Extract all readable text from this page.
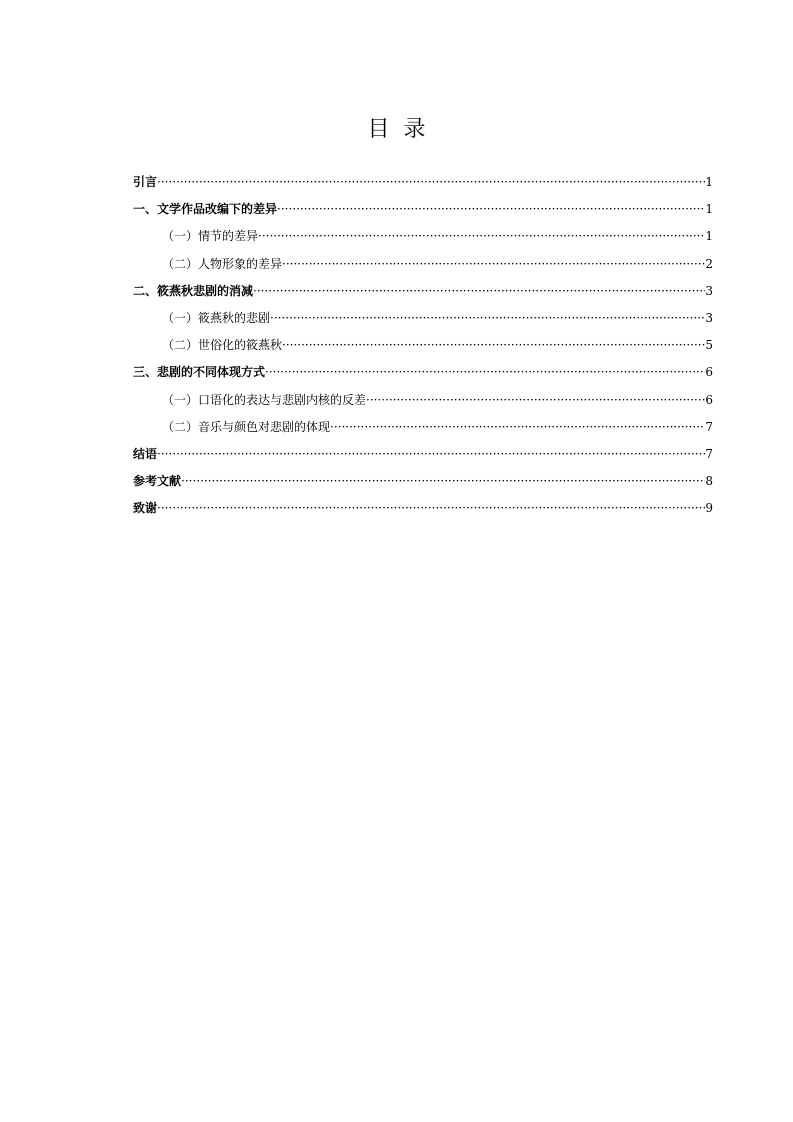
目  录
引言 ·····	1
一、文学作品改编下的差异 ·····	1
（一）情节的差异 ·····	1
（二）人物形象的差异 ·····	2
二、筱燕秋悲剧的消减 ·····	3
（一）筱燕秋的悲剧 ·····	3
（二）世俗化的筱燕秋 ·····	5
三、悲剧的不同体现方式 ·····	6
（一）口语化的表达与悲剧内核的反差 ·····	6
（二）音乐与颜色对悲剧的体现 ·····	7
结语 ·····	7
参考文献 ·····	8
致谢 ·····	9
